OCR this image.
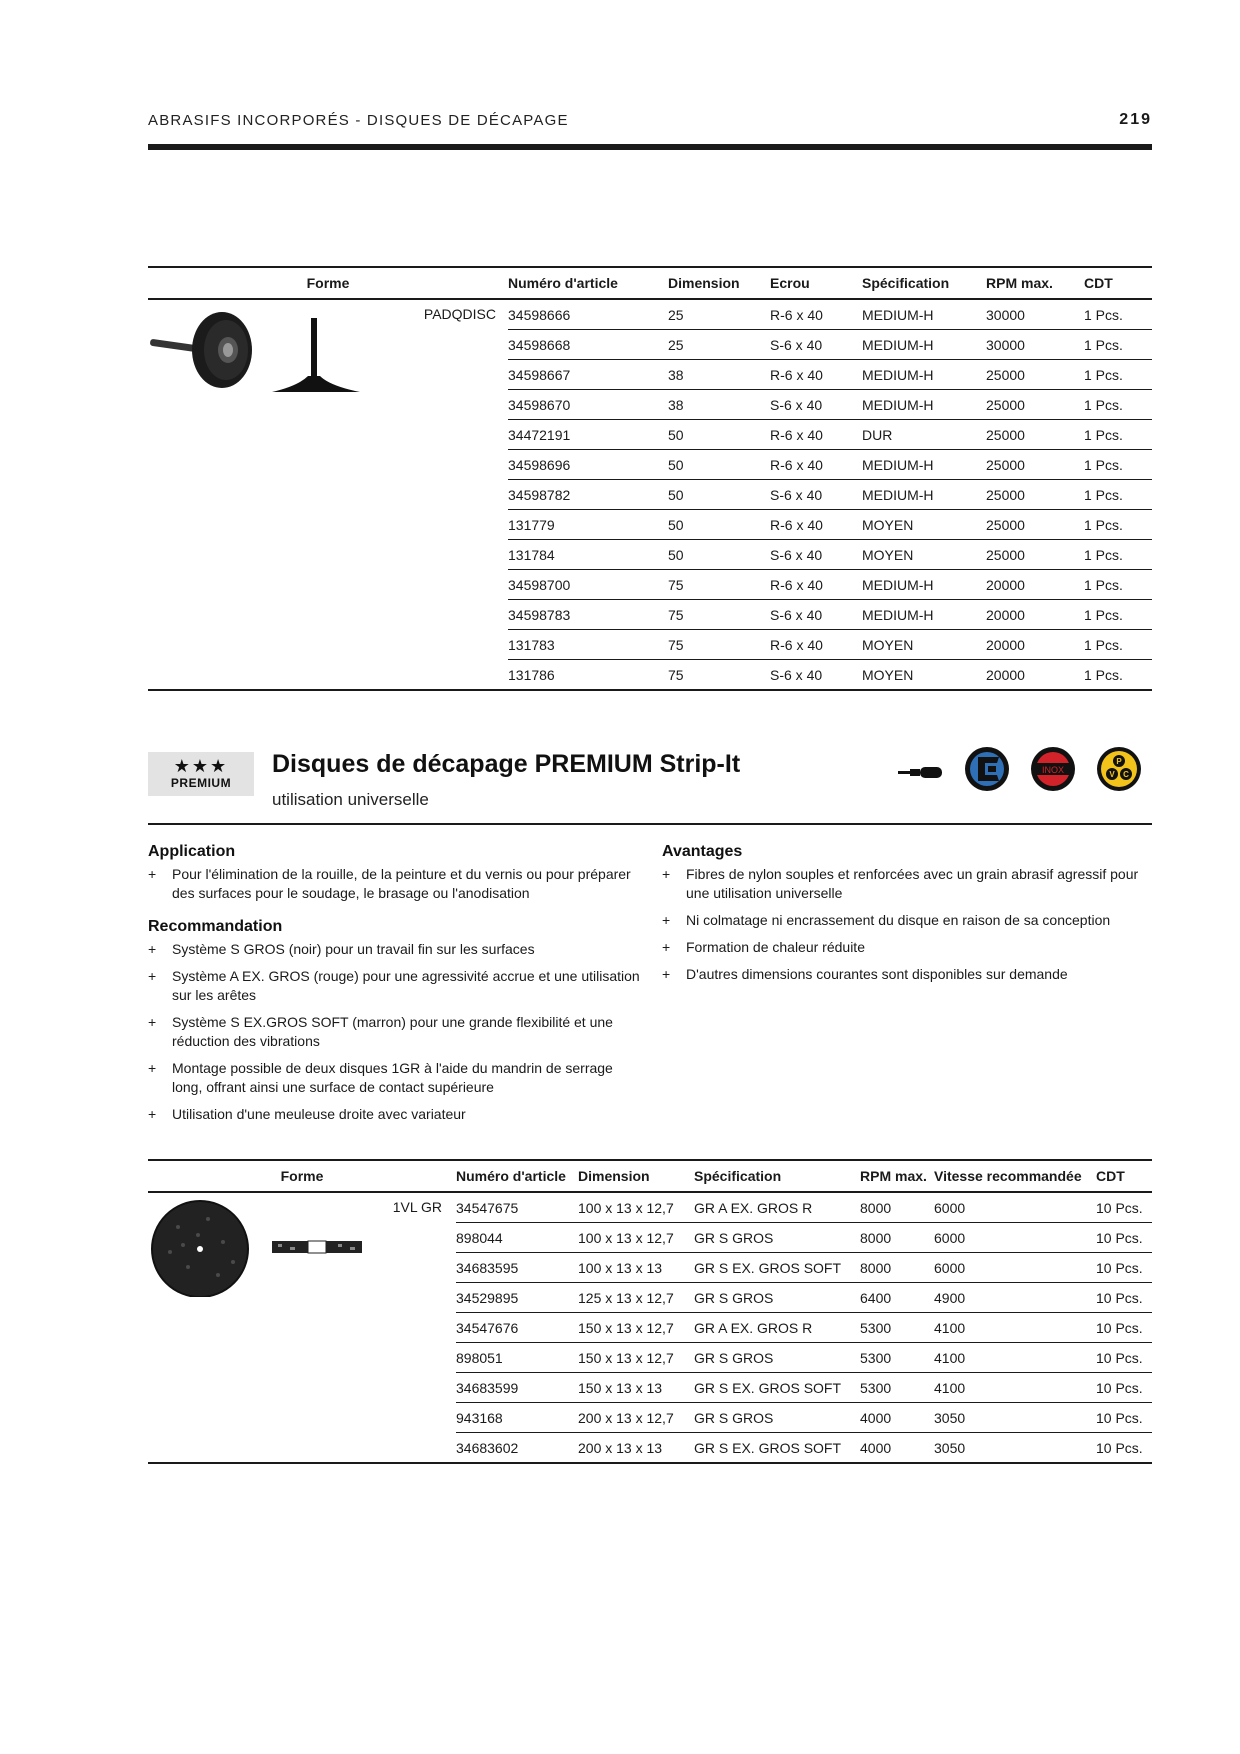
ABRASIFS INCORPORÉS - DISQUES DE DÉCAPAGE	219
Forme		Numéro d'article	Dimension	Ecrou	Spécification	RPM max.	CDT

	PADQDISC	34598666	25	R-6 x 40	MEDIUM-H	30000	1 Pcs.
		34598668	25	S-6 x 40	MEDIUM-H	30000	1 Pcs.
		34598667	38	R-6 x 40	MEDIUM-H	25000	1 Pcs.
		34598670	38	S-6 x 40	MEDIUM-H	25000	1 Pcs.
		34472191	50	R-6 x 40	DUR	25000	1 Pcs.
		34598696	50	R-6 x 40	MEDIUM-H	25000	1 Pcs.
		34598782	50	S-6 x 40	MEDIUM-H	25000	1 Pcs.
		131779	50	R-6 x 40	MOYEN	25000	1 Pcs.
		131784	50	S-6 x 40	MOYEN	25000	1 Pcs.
		34598700	75	R-6 x 40	MEDIUM-H	20000	1 Pcs.
		34598783	75	S-6 x 40	MEDIUM-H	20000	1 Pcs.
		131783	75	R-6 x 40	MOYEN	20000	1 Pcs.
		131786	75	S-6 x 40	MOYEN	20000	1 Pcs.
★★★
PREMIUM
Disques de décapage PREMIUM Strip-It
utilisation universelle
INOX
P
V C
Application
+ Pour l'élimination de la rouille, de la peinture et du vernis ou pour préparer des surfaces pour le soudage, le brasage ou l'anodisation
Recommandation
+ Système S GROS (noir) pour un travail fin sur les surfaces
+ Système A EX. GROS (rouge) pour une agressivité accrue et une utilisation sur les arêtes
+ Système S EX.GROS SOFT (marron) pour une grande flexibilité et une réduction des vibrations
+ Montage possible de deux disques 1GR à l'aide du mandrin de serrage long, offrant ainsi une surface de contact supérieure
+ Utilisation d'une meuleuse droite avec variateur
Avantages
+ Fibres de nylon souples et renforcées avec un grain abrasif agressif pour une utilisation universelle
+ Ni colmatage ni encrassement du disque en raison de sa conception
+ Formation de chaleur réduite
+ D'autres dimensions courantes sont disponibles sur demande
Forme		Numéro d'article	Dimension	Spécification	RPM max.	Vitesse recommandée	CDT

	1VL GR	34547675	100 x 13 x 12,7	GR A EX. GROS R	8000	6000	10 Pcs.
		898044	100 x 13 x 12,7	GR S GROS	8000	6000	10 Pcs.
		34683595	100 x 13 x 13	GR S EX. GROS SOFT	8000	6000	10 Pcs.
		34529895	125 x 13 x 12,7	GR S GROS	6400	4900	10 Pcs.
		34547676	150 x 13 x 12,7	GR A EX. GROS R	5300	4100	10 Pcs.
		898051	150 x 13 x 12,7	GR S GROS	5300	4100	10 Pcs.
		34683599	150 x 13 x 13	GR S EX. GROS SOFT	5300	4100	10 Pcs.
		943168	200 x 13 x 12,7	GR S GROS	4000	3050	10 Pcs.
		34683602	200 x 13 x 13	GR S EX. GROS SOFT	4000	3050	10 Pcs.
